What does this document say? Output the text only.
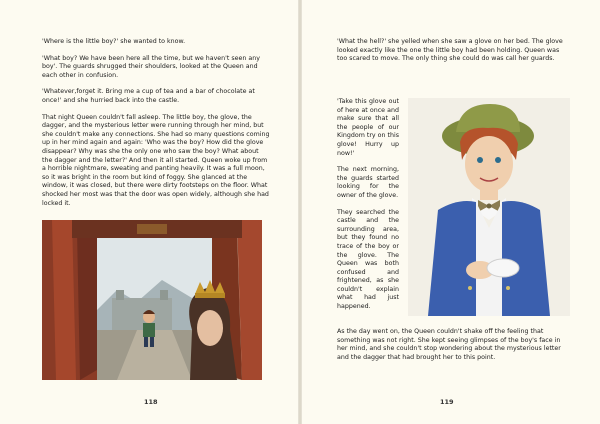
'Where is the little boy?' she wanted to know.

'What boy? We have been here all the time, but we haven't seen any boy'. The guards shrugged their shoulders, looked at the Queen and each other in confusion.

'Whatever,forget it. Bring me a cup of tea and a bar of chocolate at once!' and she hurried back into the castle.

That night Queen couldn't fall asleep. The little boy, the glove, the dagger, and the mysterious letter were running through her mind, but she couldn't make any connections. She had so many questions coming up in her mind again and again: 'Who was the boy? How did the glove disappear? Why was she the only one who saw the boy? What about the dagger and the letter?' And then it all started. Queen woke up from a horrible nightmare, sweating and panting heavily. It was a full moon, so it was bright in the room but kind of foggy. She glanced at the window, it was closed, but there were dirty footsteps on the floor. What shocked her most was that the door was open widely, although she had locked it.

118
'What the hell?' she yelled when she saw a glove on her bed. The glove looked exactly like the one the little boy had been holding. Queen was too scared to move. The only thing she could do was call her guards.

'Take this glove out of here at once and make sure that all the people of our Kingdom try on this glove! Hurry up now!'

The next morning, the guards started looking for the owner of the glove.

They searched the castle and the surrounding area, but they found no trace of the boy or the glove. The Queen was both confused and frightened, as she couldn't explain what had just happened.

As the day went on, the Queen couldn't shake off the feeling that something was not right. She kept seeing glimpses of the boy's face in her mind, and she couldn't stop wondering about the mysterious letter and the dagger that had brought her to this point.
119
